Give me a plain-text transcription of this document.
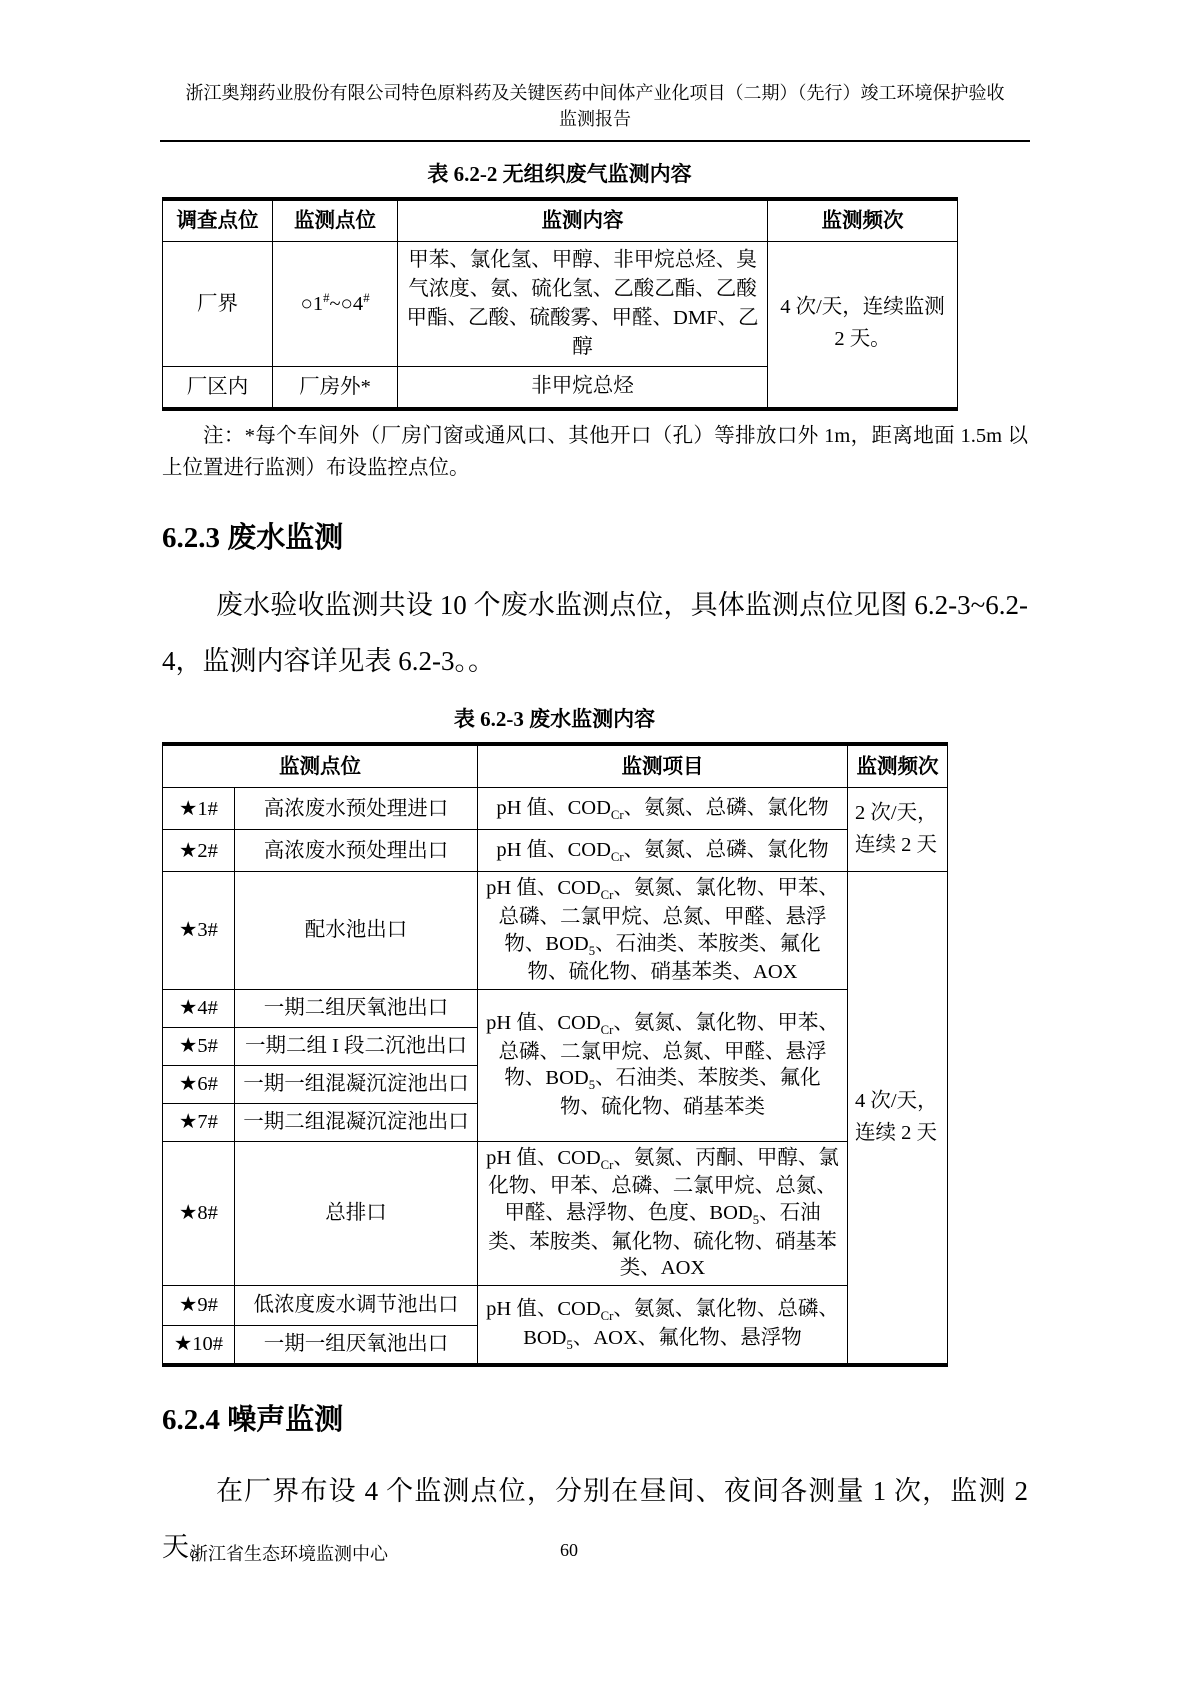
浙江奥翔药业股份有限公司特色原料药及关键医药中间体产业化项目（二期）（先行）竣工环境保护验收
监测报告
表 6.2-2 无组织废气监测内容
调查点位	监测点位	监测内容	监测频次
厂界	○1#~○4#	甲苯、氯化氢、甲醇、非甲烷总烃、臭气浓度、氨、硫化氢、乙酸乙酯、乙酸甲酯、乙酸、硫酸雾、甲醛、DMF、乙醇	4 次/天，连续监测 2 天。
厂区内	厂房外*	非甲烷总烃	
注：*每个车间外（厂房门窗或通风口、其他开口（孔）等排放口外 1m，距离地面 1.5m 以上位置进行监测）布设监控点位。
6.2.3 废水监测

废水验收监测共设 10 个废水监测点位，具体监测点位见图 6.2-3~6.2-4，监测内容详见表 6.2-3。。

表 6.2-3 废水监测内容
监测点位		监测项目	监测频次
★1#	高浓废水预处理进口	pH 值、$COD_{Cr}$、氨氮、总磷、氯化物	2 次/天，连续 2 天
★2#	高浓废水预处理出口	pH 值、$COD_{Cr}$、氨氮、总磷、氯化物	
★3#	配水池出口	pH 值、$COD_{Cr}$、氨氮、氯化物、甲苯、总磷、二氯甲烷、总氮、甲醛、悬浮物、$BOD_5$、石油类、苯胺类、氟化物、硫化物、硝基苯类、AOX	4 次/天，连续 2 天
★4#	一期二组厌氧池出口	pH 值、$COD_{Cr}$、氨氮、氯化物、甲苯、总磷、二氯甲烷、总氮、甲醛、悬浮物、$BOD_5$、石油类、苯胺类、氟化物、硫化物、硝基苯类	
★5#	一期二组 I 段二沉池出口		
★6#	一期一组混凝沉淀池出口		
★7#	一期二组混凝沉淀池出口		
★8#	总排口	pH 值、$COD_{Cr}$、氨氮、丙酮、甲醇、氯化物、甲苯、总磷、二氯甲烷、总氮、甲醛、悬浮物、色度、$BOD_5$、石油类、苯胺类、氟化物、硫化物、硝基苯类、AOX	
★9#	低浓度废水调节池出口	pH 值、$COD_{Cr}$、氨氮、氯化物、总磷、$BOD_5$、AOX、氟化物、悬浮物	
★10#	一期一组厌氧池出口		
6.2.4 噪声监测

在厂界布设 4 个监测点位，分别在昼间、夜间各测量 1 次，监测 2 天。

浙江省生态环境监测中心	60
